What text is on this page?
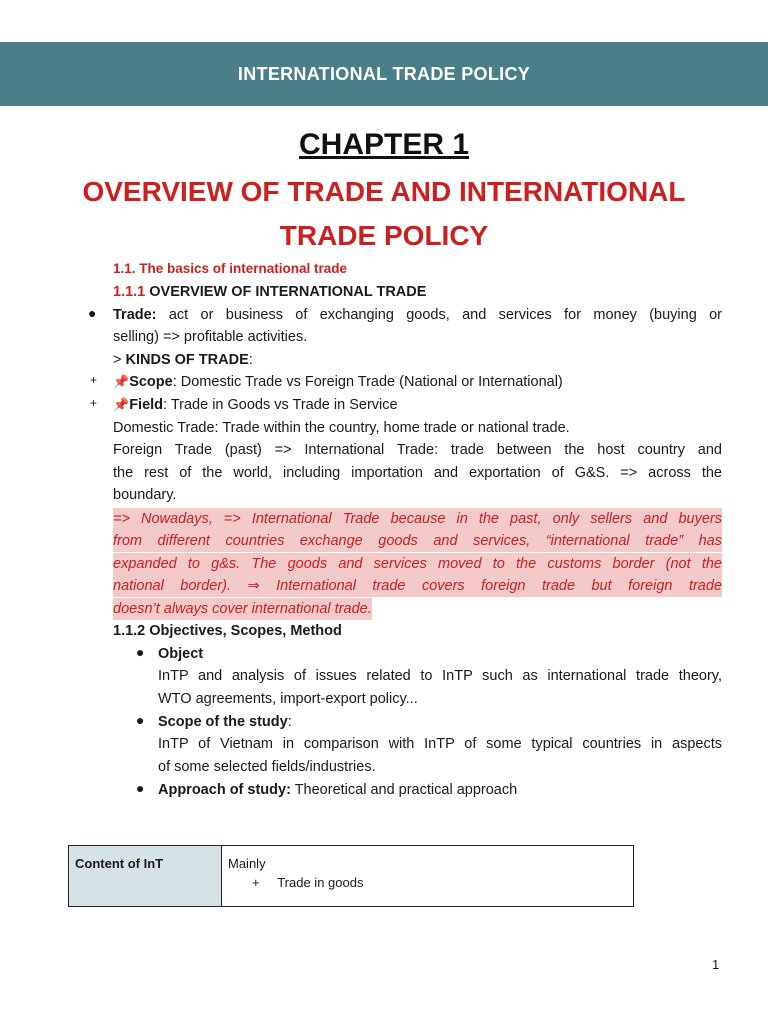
INTERNATIONAL TRADE POLICY
CHAPTER 1
OVERVIEW OF TRADE AND INTERNATIONAL
TRADE POLICY
1.1. The basics of international trade
1.1.1 OVERVIEW OF INTERNATIONAL TRADE
● Trade: act or business of exchanging goods, and services for money (buying or
selling) => profitable activities.
> KINDS OF TRADE:
+ 📌Scope: Domestic Trade vs Foreign Trade (National or International)
+ 📌Field: Trade in Goods vs Trade in Service
Domestic Trade: Trade within the country, home trade or national trade.
Foreign Trade (past) => International Trade: trade between the host country and
the rest of the world, including importation and exportation of G&S. => across the
boundary.
=> Nowadays, => International Trade because in the past, only sellers and buyers
from different countries exchange goods and services, “international trade” has
expanded to g&s. The goods and services moved to the customs border (not the
national border). ⇒ International trade covers foreign trade but foreign trade
doesn’t always cover international trade.
1.1.2 Objectives, Scopes, Method
● Object
InTP and analysis of issues related to InTP such as international trade theory,
WTO agreements, import-export policy...
● Scope of the study:
InTP of Vietnam in comparison with InTP of some typical countries in aspects
of some selected fields/industries.
● Approach of study: Theoretical and practical approach
Content of InT	Mainly
+ Trade in goods
1
